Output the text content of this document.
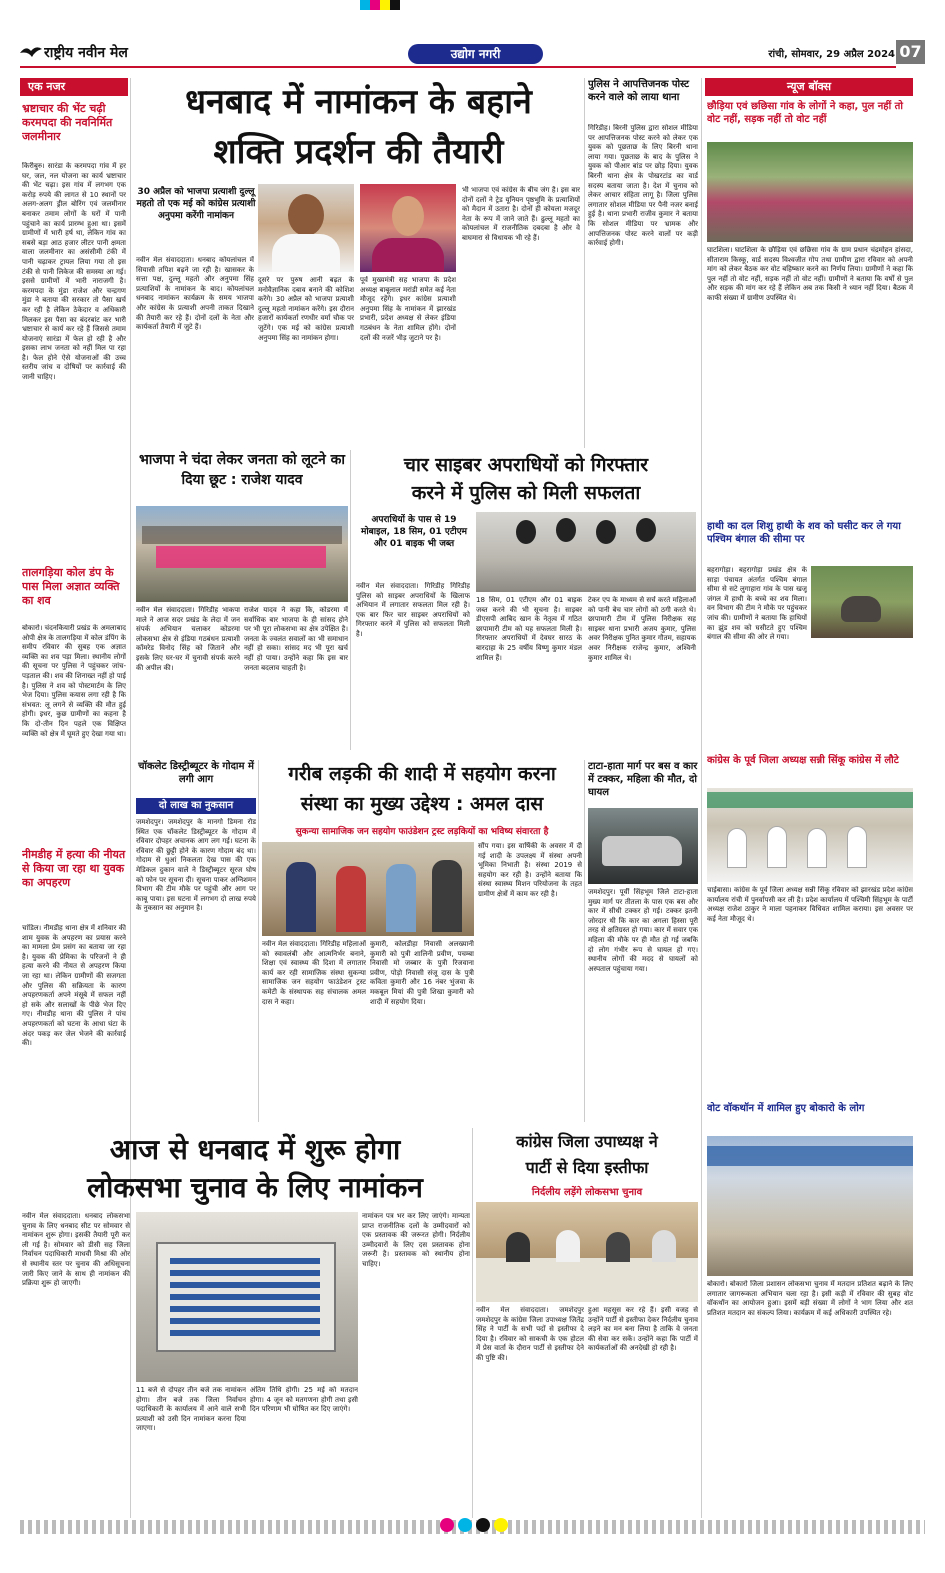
राष्ट्रीय नवीन मेल	उद्योग नगरी	रांची, सोमवार, 29 अप्रैल 2024 07
एक नजर
भ्रष्टाचार की भेंट चढ़ी करमपदा की नवनिर्मित जलमीनार
किरीबुरु। सारंडा के करमपदा गांव में हर घर, जल, नल योजना का कार्य भ्रष्टाचार की भेंट चढ़ा। इस गांव में लगभग एक करोड़ रुपये की लागत से 10 स्थानों पर अलग-अलग ड्रील बोरिंग एवं जलमीनार बनाकर तमाम लोगों के घरों में पानी पहुंचाने का कार्य प्रारम्भ हुआ था। इसमें ग्रामीणों में भारी हर्ष था, लेकिन गांव का सबसे बड़ा आठ हजार लीटर पानी क्षमता वाला जलमीनार का असंसीमी टंकी में पानी चढ़ाकर ट्रायल लिया गया तो इस टंकी से पानी लिकेज की समस्या आ गई। इससे ग्रामीणों में भारी नाराजगी है। करमपदा के मुंडा राजेश और चन्द्रगण मुंडा ने बताया की सरकार तो पैसा खर्च कर रही है लेकिन ठेकेदार व अधिकारी मिलकर इस पैसा का बंदरबांट कर भारी भ्रष्टाचार से कार्य कर रहे हैं जिससे तमाम योजनाएं सारंडा में फेल हो रही है और इसका लाभ जनता को नहीं मिल पा रहा है। फेल होने ऐसे योजनाओं की उच्च स्तरीय जांच व दोषियों पर कार्रवाई की जानी चाहिए।
तालगड़िया कोल डंप के पास मिला अज्ञात व्यक्ति का शव
बोकारो। चंदनकियारी प्रखंड के अमलाबाद ओपी क्षेत्र के तालगड़िया में कोल डंपिंग के समीप रविवार की सुबह एक अज्ञात व्यक्ति का शव पड़ा मिला। स्थानीय लोगों की सूचना पर पुलिस ने पहुंचकर जांच-पड़ताल की। शव की शिनाख्त नहीं हो पाई है। पुलिस ने शव को पोस्टमार्टम के लिए भेज दिया। पुलिस कयास लगा रही है कि संभवत: लू लगने से व्यक्ति की मौत हुई होगी। इधर, कुछ ग्रामीणों का कहना है कि दो-तीन दिन पहले एक विक्षिप्त व्यक्ति को क्षेत्र में घूमते हुए देखा गया था।
नीमडीह में हत्या की नीयत से किया जा रहा था युवक का अपहरण
चांडिल। नीमडीह थाना क्षेत्र में शनिवार की शाम युवक के अपहरण का प्रयास करने का मामला प्रेम प्रसंग का बताया जा रहा है। युवक की प्रेमिका के परिजनों ने ही हत्या करने की नीयत से अपहरण किया जा रहा था। लेकिन ग्रामीणों की सजगता और पुलिस की सक्रियता के कारण अपहरणकर्ता अपने मंसूबे में सफल नहीं हो सके और सलाखों के पीछे भेज दिए गए। नीमडीह थाना की पुलिस ने पांच अपहरणकर्ता को घटना के आधा घंटा के अंदर पकड़ कर जेल भेजने की कार्रवाई की।
धनबाद में नामांकन के बहाने
शक्ति प्रदर्शन की तैयारी
30 अप्रैल को भाजपा प्रत्याशी दुल्लू महतो तो एक मई को कांग्रेस प्रत्याशी अनुपमा करेंगी नामांकन
नवीन मेल संवाददाता। धनबाद कोयलांचल में सियासी तपिश बढ़ने जा रही है। खासकर के सत्ता पक्ष, दुल्लू महतो और अनुपमा सिंह प्रत्याशियों के नामांकन के बाद। कोयलांचल धनबाद नामांकन कार्यक्रम के समय भाजपा और कांग्रेस के प्रत्याशी अपनी ताकत दिखाने की तैयारी कर रहे हैं। दोनों दलों के नेता और कार्यकर्ता तैयारी में जुटे हैं।
दूसरे पर पुरुष आनी बढ़त के मनोवैज्ञानिक दबाव बनाने की कोशिश करेंगे। 30 अप्रैल को भाजपा प्रत्याशी दुल्लू महतो नामांकन करेंगे। इस दौरान हजारों कार्यकर्ता रणधीर वर्मा चौक पर जुटेंगे। एक मई को कांग्रेस प्रत्याशी अनुपमा सिंह का नामांकन होगा।
पूर्व मुख्यमंत्री सह भाजपा के प्रदेश अध्यक्ष बाबूलाल मरांडी समेत कई नेता मौजूद रहेंगे। इधर कांग्रेस प्रत्याशी अनुपमा सिंह के नामांकन में झारखंड प्रभारी, प्रदेश अध्यक्ष से लेकर इंडिया गठबंधन के नेता शामिल होंगे। दोनों दलों की नजरें भीड़ जुटाने पर है।
भी भाजपा एवं कांग्रेस के बीच जंग है। इस बार दोनों दलों ने ट्रेड यूनियन पृष्ठभूमि के प्रत्याशियों को मैदान में उतारा है। दोनों ही कोयला मजदूर नेता के रूप में जाने जाते हैं। ढुल्लू महतो का कोयलांचल में राजनीतिक दबदबा है और वे बाघमारा से विधायक भी रहे हैं।
पुलिस ने आपत्तिजनक पोस्ट करने वाले को लाया थाना
गिरिडीह। बिरनी पुलिस द्वारा सोशल मीडिया पर आपत्तिजनक पोस्ट करने को लेकर एक युवक को पूछताछ के लिए बिरनी थाना लाया गया। पूछताछ के बाद के पुलिस ने युवक को पीआर बांड पर छोड़ दिया। युवक बिरनी थाना क्षेत्र के पोखरटांड का वार्ड सदस्य बताया जाता है। देश में चुनाव को लेकर आचार संहिता लागू है। जिला पुलिस लगातार सोशल मीडिया पर पैनी नजर बनाई हुई है। थाना प्रभारी राजीव कुमार ने बताया कि सोशल मीडिया पर भ्रामक और आपत्तिजनक पोस्ट करने वालों पर कड़ी कार्रवाई होगी।
भाजपा ने चंदा लेकर जनता को लूटने का दिया छूट : राजेश यादव
नवीन मेल संवाददाता। गिरिडीह भाकपा माले ने आज सदर प्रखंड के लेदा में जन संपर्क अभियान चलाकर कोडरमा लोकसभा क्षेत्र से इंडिया गठबंधन प्रत्याशी कॉमरेड विनोद सिंह को जिताने और इसके लिए घर-घर में चुनावी संपर्क करने की अपील की।
राजेश यादव ने कहा कि, कोडरमा में सर्वाधिक बार भाजपा के ही सांसद होने पर भी पूरा लोकसभा का क्षेत्र उपेक्षित है। जनता के ज्वलंत सवालों का भी समाधान नहीं हो सका। सांसद मद भी पूरा खर्च नहीं हो पाया। उन्होंने कहा कि इस बार जनता बदलाव चाहती है।
चार साइबर अपराधियों को गिरफ्तार
करने में पुलिस को मिली सफलता
अपराधियों के पास से 19 मोबाइल, 18 सिम, 01 एटीएम और 01 बाइक भी जब्त
नवीन मेल संवाददाता। गिरिडीह गिरिडीह पुलिस को साइबर अपराधियों के खिलाफ अभियान में लगातार सफलता मिल रही है। एक बार फिर चार साइबर अपराधियों को गिरफ्तार करने में पुलिस को सफलता मिली है।
18 सिम, 01 एटीएम और 01 बाइक जब्त करने की भी सूचना है। साइबर डीएसपी आबिद खान के नेतृत्व में गठित छापामारी टीम को यह सफलता मिली है। गिरफ्तार अपराधियों में देवघर सारठ के बारदाहा के 25 वर्षीय विष्णु कुमार मंडल शामिल हैं।
टेकर एप के माध्यम से सर्च करते महिलाओं को पानी बेच चार लोगों को ठगी करते थे। छापामारी टीम में पुलिस निरीक्षक सह साइबर थाना प्रभारी अजय कुमार, पुलिस अवर निरीक्षक पुनित कुमार गौतम, सहायक अवर निरीक्षक राजेन्द्र कुमार, अश्विनी कुमार शामिल थे।
चॉकलेट डिस्ट्रीब्यूटर के गोदाम में लगी आग
दो लाख का नुकसान
जमशेदपुर। जमशेदपुर के मानगो डिमना रोड स्थित एक चॉकलेट डिस्ट्रीब्यूटर के गोदाम में रविवार दोपहर अचानक आग लग गई। घटना के रविवार की छुट्टी होने के कारण गोदाम बंद था। गोदाम से धुआं निकलता देख पास की एक मेडिकल दुकान वाले ने डिस्ट्रीब्यूटर सूरज घोष को फोन पर सूचना दी। सूचना पाकर अग्निशमन विभाग की टीम मौके पर पहुंची और आग पर काबू पाया। इस घटना में लगभग दो लाख रुपये के नुकसान का अनुमान है।
गरीब लड़की की शादी में सहयोग करना
संस्था का मुख्य उद्देश्य : अमल दास
सुकन्या सामाजिक जन सहयोग फाउंडेशन ट्रस्ट लड़कियों का भविष्य संवारता है
नवीन मेल संवाददाता। गिरिडीह महिलाओं को स्वावलंबी और आत्मनिर्भर बनाने, शिक्षा एवं स्वास्थ्य की दिशा में लगातार कार्य कर रही सामाजिक संस्था सुकन्या सामाजिक जन सहयोग फाउंडेशन ट्रस्ट कमेटी के संस्थापक सह संचालक अमल दास ने कहा।
कुमारी, कोलडीहा निवासी अलख्यानी कुमारी को पुत्री शालिनी प्रवीण, पचम्बा निवासी मो जब्बार के पुत्री रिजवाना प्रवीण, पोड़ो निवासी संजू दास के पुत्री कविता कुमारी और 16 नंबर भुंजवा के मकबूल मियां की पुत्री शिखा कुमारी को शादी में सहयोग दिया।
सौंप गया। इस वार्षिकी के अवसर में दी गई शादी के उपलक्ष्य में संस्था अपनी भूमिका निभाती है। संस्था 2019 से सहयोग कर रही है। उन्होंने बताया कि संस्था स्वास्थ्य मिशन परियोजना के तहत ग्रामीण क्षेत्रों में काम कर रही है।
टाटा-हाता मार्ग पर बस व कार में टक्कर, महिला की मौत, दो घायल
जमशेदपुर। पूर्वी सिंहभूम जिले टाटा-हाता मुख्य मार्ग पर तीतला के पास एक बस और कार में सीधी टक्कर हो गई। टक्कर इतनी जोरदार थी कि कार का अगला हिस्सा पूरी तरह से क्षतिग्रस्त हो गया। कार में सवार एक महिला की मौके पर ही मौत हो गई जबकि दो लोग गंभीर रूप से घायल हो गए। स्थानीय लोगों की मदद से घायलों को अस्पताल पहुंचाया गया।
आज से धनबाद में शुरू होगा
लोकसभा चुनाव के लिए नामांकन
नवीन मेल संवाददाता। धनबाद लोकसभा चुनाव के लिए धनबाद सीट पर सोमवार से नामांकन शुरू होगा। इसकी तैयारी पूरी कर ली गई है। सोमवार को डीसी सह जिला निर्वाचन पदाधिकारी माधवी मिश्रा की ओर से स्थानीय स्तर पर चुनाव की अधिसूचना जारी किए जाने के साथ ही नामांकन की प्रक्रिया शुरू हो जाएगी।
11 बजे से दोपहर तीन बजे तक नामांकन होगा। तीन बजे तक जिला निर्वाचन पदाधिकारी के कार्यालय में आने वाले सभी प्रत्याशी को उसी दिन नामांकन करना दिया जाएगा।
अंतिम तिथि होगी। 25 मई को मतदान होगा। 4 जून को मतगणना होगी तथा इसी दिन परिणाम भी घोषित कर दिए जाएंगे।
नामांकन पत्र भर कर लिए जाएंगे। मान्यता प्राप्त राजनीतिक दलों के उम्मीदवारों को एक प्रस्तावक की जरूरत होगी। निर्दलीय उम्मीदवारों के लिए दस प्रस्तावक होना जरूरी है। प्रस्तावक को स्थानीय होना चाहिए।
कांग्रेस जिला उपाध्यक्ष ने
पार्टी से दिया इस्तीफा
निर्दलीय लड़ेंगे लोकसभा चुनाव
नवीन मेल संवाददाता। जमशेदपुर जमशेदपुर के कांग्रेस जिला उपाध्यक्ष जितेंद्र सिंह ने पार्टी के सभी पदों से इस्तीफा दे दिया है। रविवार को साकची के एक होटल में प्रेस वार्ता के दौरान पार्टी से इस्तीफा देने की पुष्टि की।
हुआ महसूस कर रहे हैं। इसी वजह से उन्होंने पार्टी से इस्तीफा देकर निर्दलीय चुनाव लड़ने का मन बना लिया है ताकि वे जनता की सेवा कर सकें। उन्होंने कहा कि पार्टी में कार्यकर्ताओं की अनदेखी हो रही है।
न्यूज बॉक्स
छौड़िया एवं छछिसा गांव के लोगों ने कहा, पुल नहीं तो वोट नहीं, सड़क नहीं तो वोट नहीं
घाटशिला। घाटशिला के छौड़िया एवं छछिसा गांव के ग्राम प्रधान चंद्रमोहन हांसदा, सीताराम किस्कू, वार्ड सदस्य विश्वजीत गोप तथा ग्रामीण द्वारा रविवार को अपनी मांग को लेकर बैठक कर वोट बहिष्कार करने का निर्णय लिया। ग्रामीणों ने कहा कि पुल नहीं तो वोट नहीं, सड़क नहीं तो वोट नहीं। ग्रामीणों ने बताया कि वर्षों से पुल और सड़क की मांग कर रहे हैं लेकिन अब तक किसी ने ध्यान नहीं दिया। बैठक में काफी संख्या में ग्रामीण उपस्थित थे।
हाथी का दल शिशु हाथी के शव को घसीट कर ले गया पश्चिम बंगाल की सीमा पर
बहरागोड़ा। बहरागोड़ा प्रखंड क्षेत्र के साड़ा पंचायत अंतर्गत पश्चिम बंगाल सीमा से सटे लुगाहारा गांव के पास खजू जंगल में हाथी के बच्चे का शव मिला। वन विभाग की टीम ने मौके पर पहुंचकर जांच की। ग्रामीणों ने बताया कि हाथियों का झुंड शव को घसीटते हुए पश्चिम बंगाल की सीमा की ओर ले गया।
कांग्रेस के पूर्व जिला अध्यक्ष सन्नी सिंकू कांग्रेस में लौटे
चाईबासा। कांग्रेस के पूर्व जिला अध्यक्ष सन्नी सिंकू रविवार को झारखंड प्रदेश कांग्रेस कार्यालय रांची में पुनर्वापसी कर ली है। प्रदेश कार्यालय में पश्चिमी सिंहभूम के पार्टी अध्यक्ष राजेश ठाकुर ने माला पहनाकर विधिवत शामिल कराया। इस अवसर पर कई नेता मौजूद थे।
वोट वॉकथॉन में शामिल हुए बोकारो के लोग
बोकारो। बोकारो जिला प्रशासन लोकसभा चुनाव में मतदान प्रतिशत बढ़ाने के लिए लगातार जागरूकता अभियान चला रहा है। इसी कड़ी में रविवार की सुबह वोट वॉकथॉन का आयोजन हुआ। इसमें बड़ी संख्या में लोगों ने भाग लिया और शत प्रतिशत मतदान का संकल्प लिया। कार्यक्रम में कई अधिकारी उपस्थित रहे।
